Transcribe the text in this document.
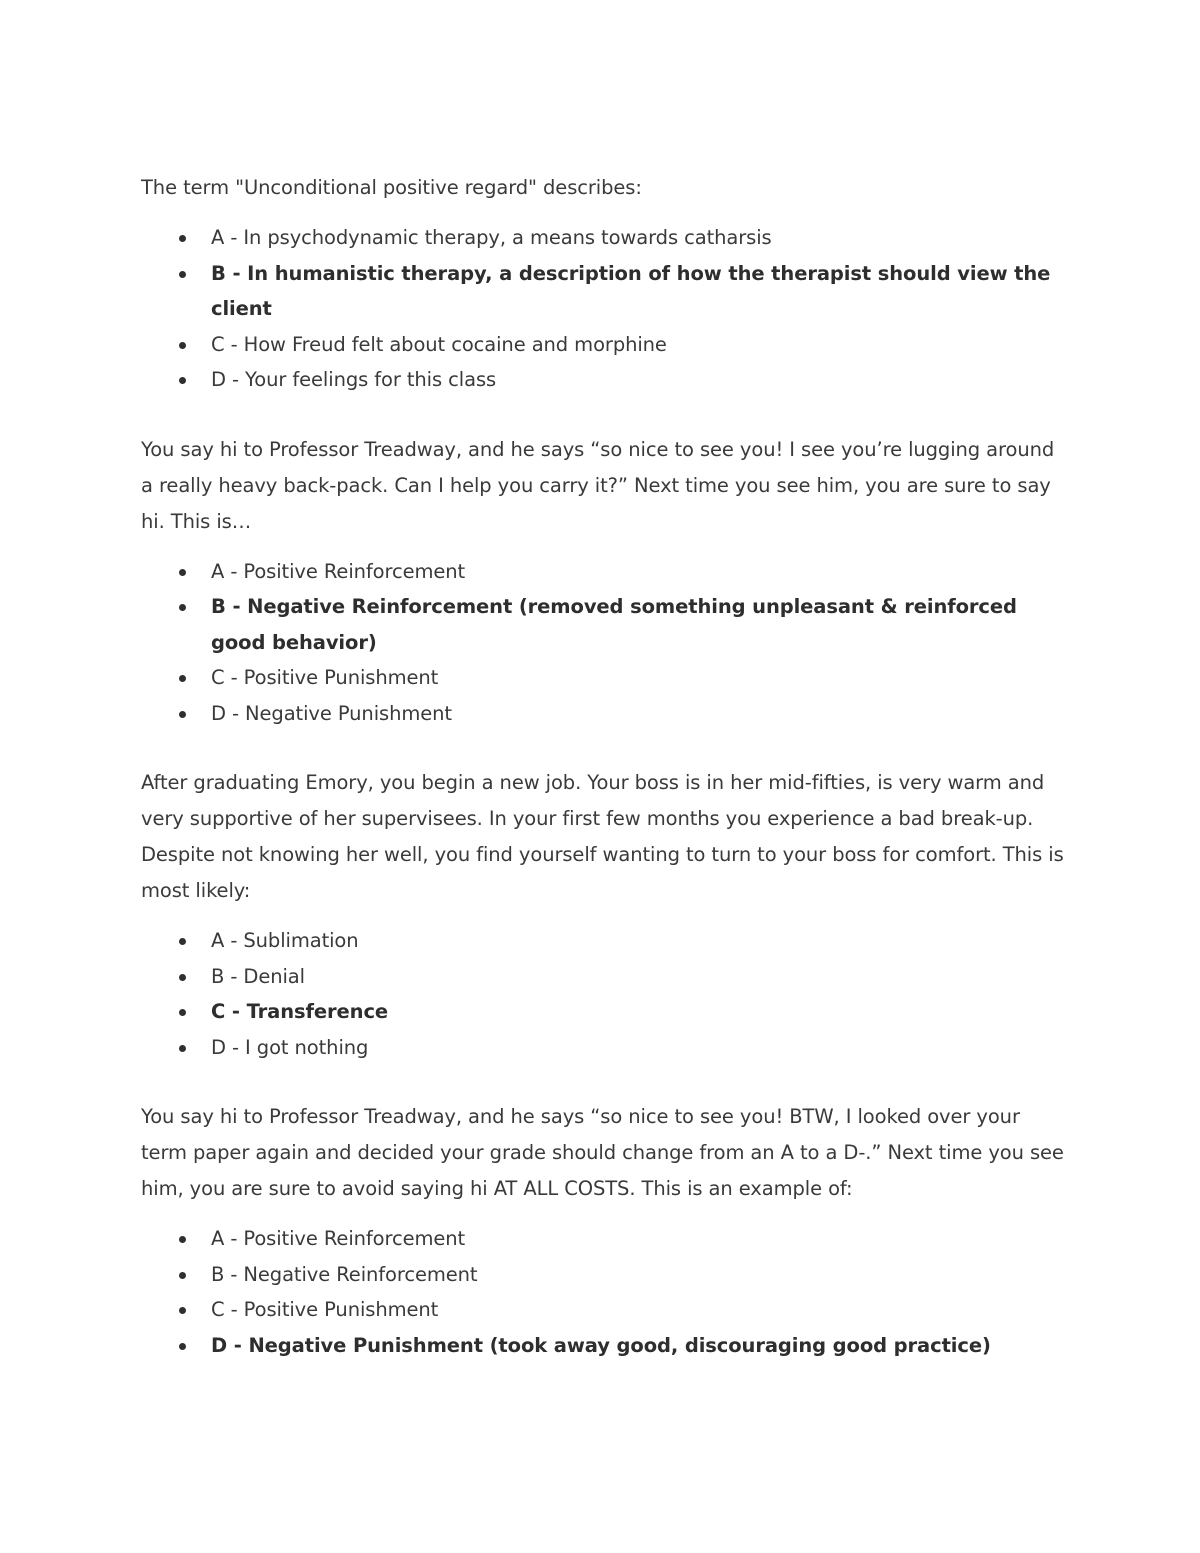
The term "Unconditional positive regard" describes:

A - In psychodynamic therapy, a means towards catharsis
B - In humanistic therapy, a description of how the therapist should view the client
C - How Freud felt about cocaine and morphine
D - Your feelings for this class

You say hi to Professor Treadway, and he says “so nice to see you! I see you’re lugging around a really heavy back-pack. Can I help you carry it?” Next time you see him, you are sure to say hi. This is…

A - Positive Reinforcement
B - Negative Reinforcement (removed something unpleasant & reinforced good behavior)
C - Positive Punishment
D - Negative Punishment

After graduating Emory, you begin a new job. Your boss is in her mid-fifties, is very warm and very supportive of her supervisees. In your first few months you experience a bad break-up. Despite not knowing her well, you find yourself wanting to turn to your boss for comfort. This is most likely:

A - Sublimation
B - Denial
C - Transference
D - I got nothing

You say hi to Professor Treadway, and he says “so nice to see you! BTW, I looked over your term paper again and decided your grade should change from an A to a D-.” Next time you see him, you are sure to avoid saying hi AT ALL COSTS. This is an example of:

A - Positive Reinforcement
B - Negative Reinforcement
C - Positive Punishment
D - Negative Punishment (took away good, discouraging good practice)
